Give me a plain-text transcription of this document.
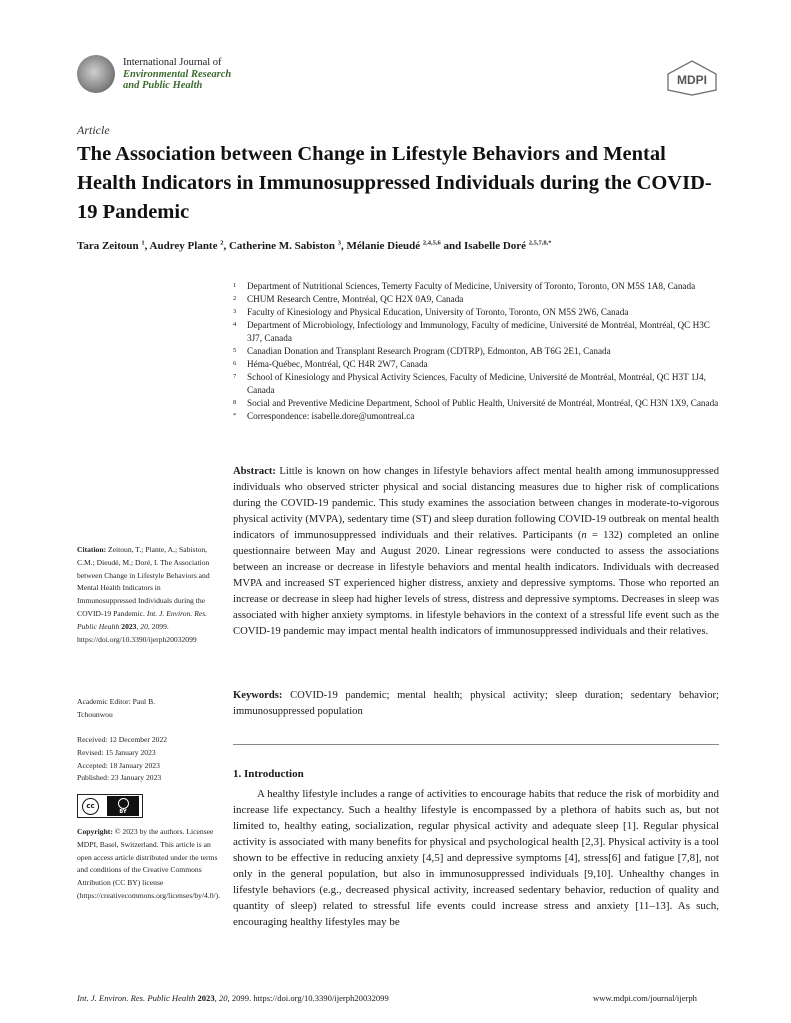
International Journal of
Environmental Research
and Public Health	MDPI
Article
The Association between Change in Lifestyle Behaviors and Mental Health Indicators in Immunosuppressed Individuals during the COVID-19 Pandemic
Tara Zeitoun $^1$, Audrey Plante $^2$, Catherine M. Sabiston $^3$, Mélanie Dieudé $^{2,4,5,6}$ and Isabelle Doré $^{2,5,7,8,*}$
1 Department of Nutritional Sciences, Temerty Faculty of Medicine, University of Toronto, Toronto, ON M5S 1A8, Canada
2 CHUM Research Centre, Montréal, QC H2X 0A9, Canada
3 Faculty of Kinesiology and Physical Education, University of Toronto, Toronto, ON M5S 2W6, Canada
4 Department of Microbiology, Infectiology and Immunology, Faculty of medicine, Université de Montréal, Montréal, QC H3C 3J7, Canada
5 Canadian Donation and Transplant Research Program (CDTRP), Edmonton, AB T6G 2E1, Canada
6 Héma-Québec, Montréal, QC H4R 2W7, Canada
7 School of Kinesiology and Physical Activity Sciences, Faculty of Medicine, Université de Montréal, Montréal, QC H3T 1J4, Canada
8 Social and Preventive Medicine Department, School of Public Health, Université de Montréal, Montréal, QC H3N 1X9, Canada
* Correspondence: isabelle.dore@umontreal.ca
Abstract: Little is known on how changes in lifestyle behaviors affect mental health among immunosuppressed individuals who observed stricter physical and social distancing measures due to higher risk of complications during the COVID-19 pandemic. This study examines the association between changes in moderate-to-vigorous physical activity (MVPA), sedentary time (ST) and sleep duration following COVID-19 outbreak on mental health indicators of immunosuppressed individuals and their relatives. Participants (n = 132) completed an online questionnaire between May and August 2020. Linear regressions were conducted to assess the associations between an increase or decrease in lifestyle behaviors and mental health indicators. Individuals with decreased MVPA and increased ST experienced higher distress, anxiety and depressive symptoms. Those who reported an increase or decrease in sleep had higher levels of stress, distress and depressive symptoms. Decreases in sleep was associated with higher anxiety symptoms. in lifestyle behaviors in the context of a stressful life event such as the COVID-19 pandemic may impact mental health indicators of immunosuppressed individuals and their relatives.
Keywords: COVID-19 pandemic; mental health; physical activity; sleep duration; sedentary behavior; immunosuppressed population
1. Introduction
A healthy lifestyle includes a range of activities to encourage habits that reduce the risk of morbidity and increase life expectancy. Such a healthy lifestyle is encompassed by a plethora of habits such as, but not limited to, healthy eating, socialization, regular physical activity and adequate sleep [1]. Regular physical activity is associated with many benefits for physical and psychological health [2,3]. Physical activity is a tool shown to be effective in reducing anxiety [4,5] and depressive symptoms [4], stress[6] and fatigue [7,8], not only in the general population, but also in immunosuppressed individuals [9,10]. Unhealthy changes in lifestyle behaviors (e.g., decreased physical activity, increased sedentary behavior, reduction of quality and quantity of sleep) related to stressful life events could increase stress and anxiety [11–13]. As such, encouraging healthy lifestyles may be
Citation: Zeitoun, T.; Plante, A.; Sabiston, C.M.; Dieudé, M.; Doré, I. The Association between Change in Lifestyle Behaviors and Mental Health Indicators in Immunosuppressed Individuals during the COVID-19 Pandemic. Int. J. Environ. Res. Public Health 2023, 20, 2099. https://doi.org/10.3390/ijerph20032099
Academic Editor: Paul B.
Tchounwou
Received: 12 December 2022
Revised: 15 January 2023
Accepted: 18 January 2023
Published: 23 January 2023
cc
BY
Copyright: © 2023 by the authors. Licensee MDPI, Basel, Switzerland. This article is an open access article distributed under the terms and conditions of the Creative Commons Attribution (CC BY) license (https://creativecommons.org/licenses/by/4.0/).
Int. J. Environ. Res. Public Health 2023, 20, 2099. https://doi.org/10.3390/ijerph20032099	www.mdpi.com/journal/ijerph
